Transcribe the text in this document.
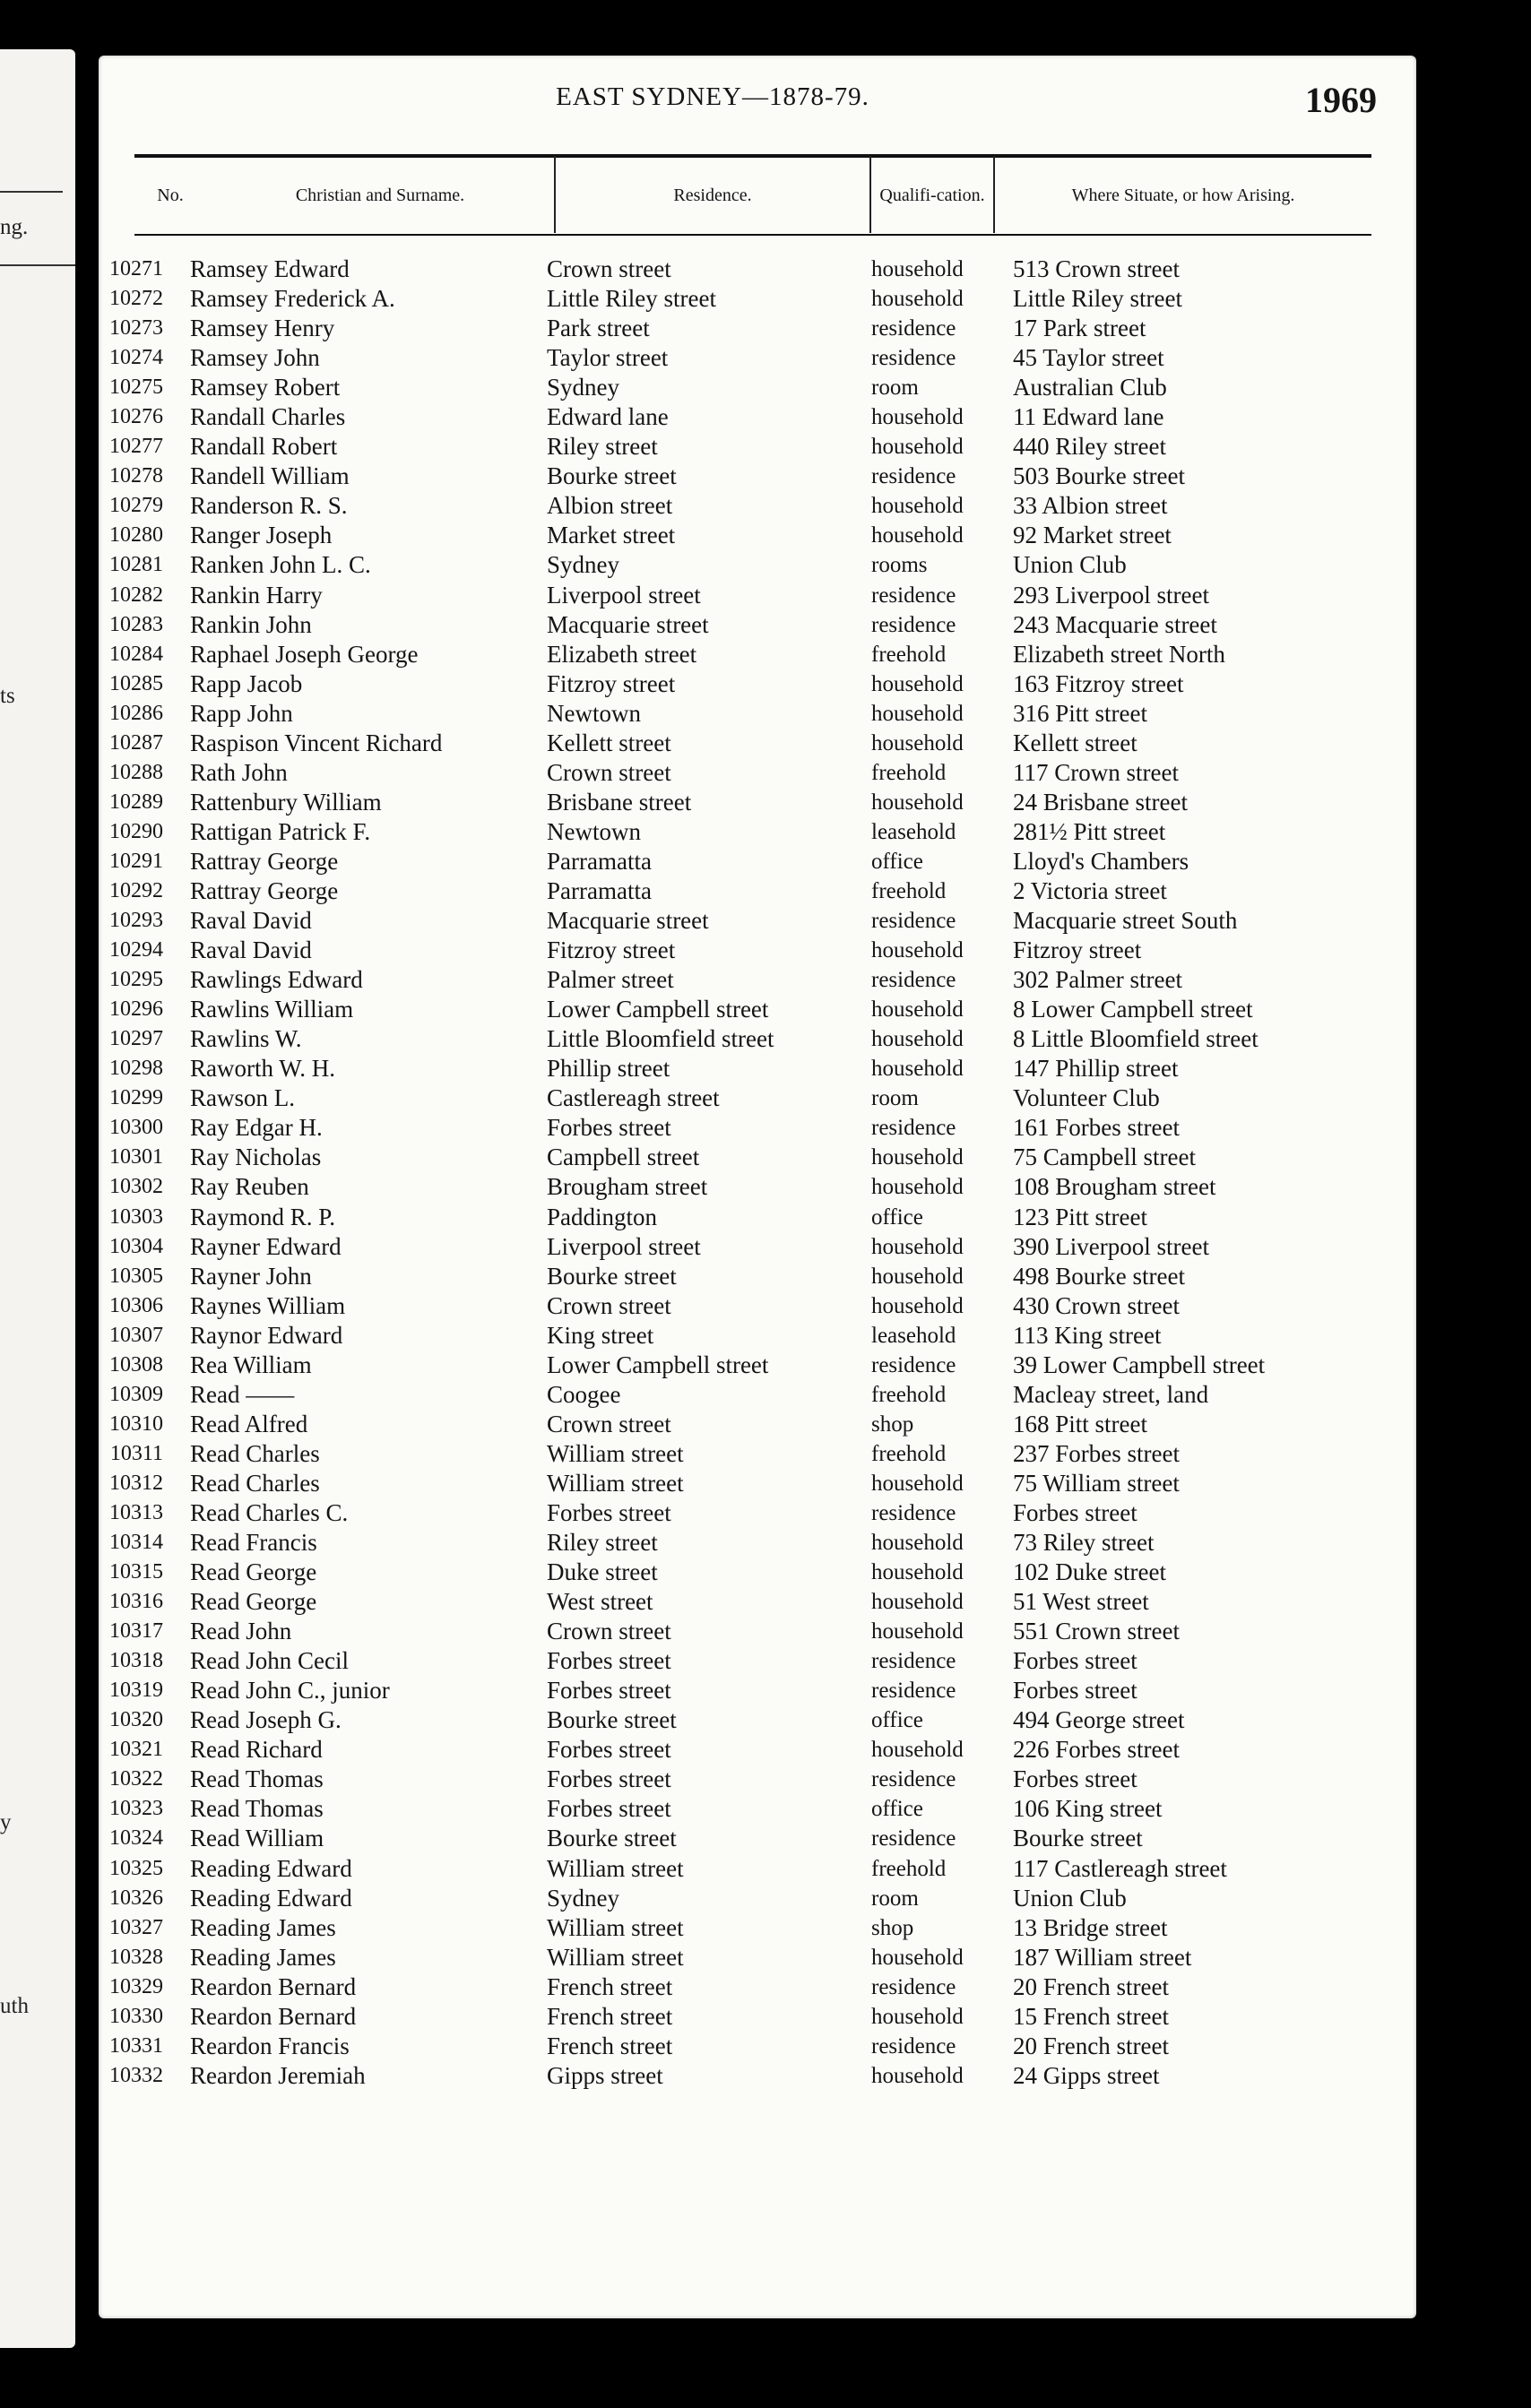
ng.
ts
y
uth
EAST SYDNEY—1878-79.	1969
No.	Christian and Surname.	Residence.	Qualifi-cation.	Where Situate, or how Arising.
10271 Ramsey Edward	Crown street	household 513 Crown street
10272 Ramsey Frederick A.	Little Riley street	household Little Riley street
10273 Ramsey Henry	Park street	residence 17 Park street
10274 Ramsey John	Taylor street	residence 45 Taylor street
10275 Ramsey Robert	Sydney	room	Australian Club
10276 Randall Charles	Edward lane	household 11 Edward lane
10277 Randall Robert	Riley street	household 440 Riley street
10278 Randell William	Bourke street	residence 503 Bourke street
10279 Randerson R. S.	Albion street	household 33 Albion street
10280 Ranger Joseph	Market street	household 92 Market street
10281 Ranken John L. C.	Sydney	rooms	Union Club
10282 Rankin Harry	Liverpool street	residence 293 Liverpool street
10283 Rankin John	Macquarie street	residence 243 Macquarie street
10284 Raphael Joseph George	Elizabeth street	freehold	Elizabeth street North
10285 Rapp Jacob	Fitzroy street	household 163 Fitzroy street
10286 Rapp John	Newtown	household 316 Pitt street
10287 Raspison Vincent Richard	Kellett street	household Kellett street
10288 Rath John	Crown street	freehold	117 Crown street
10289 Rattenbury William	Brisbane street	household 24 Brisbane street
10290 Rattigan Patrick F.	Newtown	leasehold 281½ Pitt street
10291 Rattray George	Parramatta	office	Lloyd's Chambers
10292 Rattray George	Parramatta	freehold	2 Victoria street
10293 Raval David	Macquarie street	residence Macquarie street South
10294 Raval David	Fitzroy street	household Fitzroy street
10295 Rawlings Edward	Palmer street	residence 302 Palmer street
10296 Rawlins William	Lower Campbell street	household 8 Lower Campbell street
10297 Rawlins W.	Little Bloomfield street	household 8 Little Bloomfield street
10298 Raworth W. H.	Phillip street	household 147 Phillip street
10299 Rawson L.	Castlereagh street	room	Volunteer Club
10300 Ray Edgar H.	Forbes street	residence 161 Forbes street
10301 Ray Nicholas	Campbell street	household 75 Campbell street
10302 Ray Reuben	Brougham street	household 108 Brougham street
10303 Raymond R. P.	Paddington	office	123 Pitt street
10304 Rayner Edward	Liverpool street	household 390 Liverpool street
10305 Rayner John	Bourke street	household 498 Bourke street
10306 Raynes William	Crown street	household 430 Crown street
10307 Raynor Edward	King street	leasehold 113 King street
10308 Rea William	Lower Campbell street	residence 39 Lower Campbell street
10309 Read ——	Coogee	freehold	Macleay street, land
10310 Read Alfred	Crown street	shop	168 Pitt street
10311 Read Charles	William street	freehold	237 Forbes street
10312 Read Charles	William street	household 75 William street
10313 Read Charles C.	Forbes street	residence Forbes street
10314 Read Francis	Riley street	household 73 Riley street
10315 Read George	Duke street	household 102 Duke street
10316 Read George	West street	household 51 West street
10317 Read John	Crown street	household 551 Crown street
10318 Read John Cecil	Forbes street	residence Forbes street
10319 Read John C., junior	Forbes street	residence Forbes street
10320 Read Joseph G.	Bourke street	office	494 George street
10321 Read Richard	Forbes street	household 226 Forbes street
10322 Read Thomas	Forbes street	residence Forbes street
10323 Read Thomas	Forbes street	office	106 King street
10324 Read William	Bourke street	residence Bourke street
10325 Reading Edward	William street	freehold	117 Castlereagh street
10326 Reading Edward	Sydney	room	Union Club
10327 Reading James	William street	shop	13 Bridge street
10328 Reading James	William street	household 187 William street
10329 Reardon Bernard	French street	residence 20 French street
10330 Reardon Bernard	French street	household 15 French street
10331 Reardon Francis	French street	residence 20 French street
10332 Reardon Jeremiah	Gipps street	household 24 Gipps street
